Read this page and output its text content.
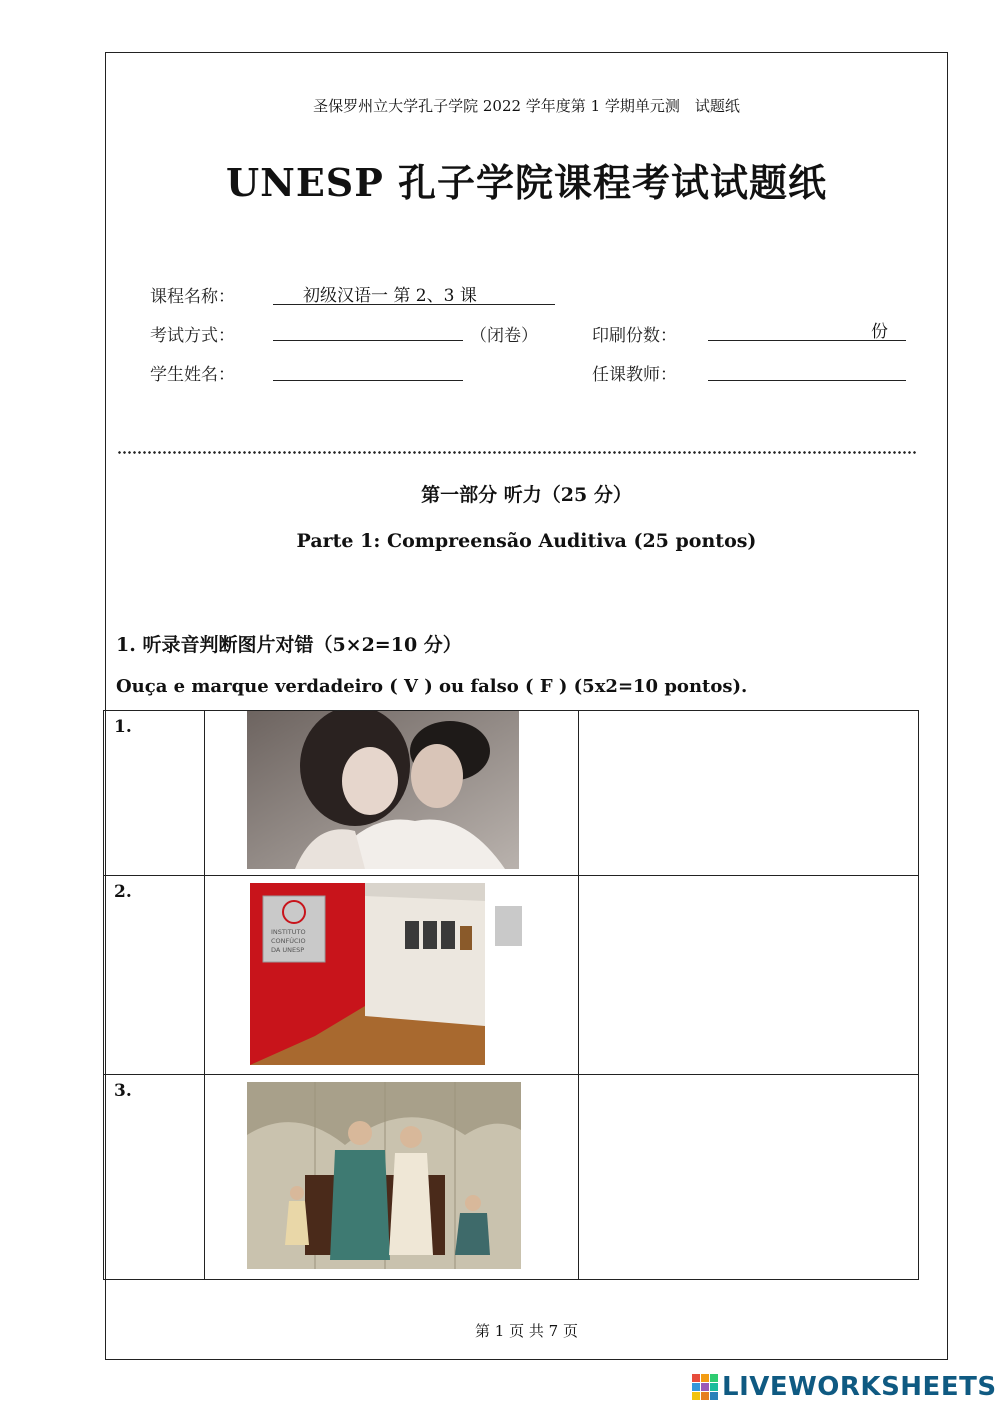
圣保罗州立大学孔子学院 2022 学年度第 1 学期单元测　试题纸
UNESP 孔子学院课程考试试题纸
课程名称：	初级汉语一 第 2、3 课
考试方式：	（闭卷）	印刷份数：	份
学生姓名：	任课教师：
第一部分 听力（25 分）
Parte 1: Compreensão Auditiva (25 pontos)
1. 听录音判断图片对错（5×2=10 分）
Ouça e marque verdadeiro ( V ) ou falso ( F ) (5x2=10 pontos).
1.

2.	INSTITUTO
CONFÚCIO
DA UNESP	

3.

第 1 页 共 7 页
LIVEWORKSHEETS
